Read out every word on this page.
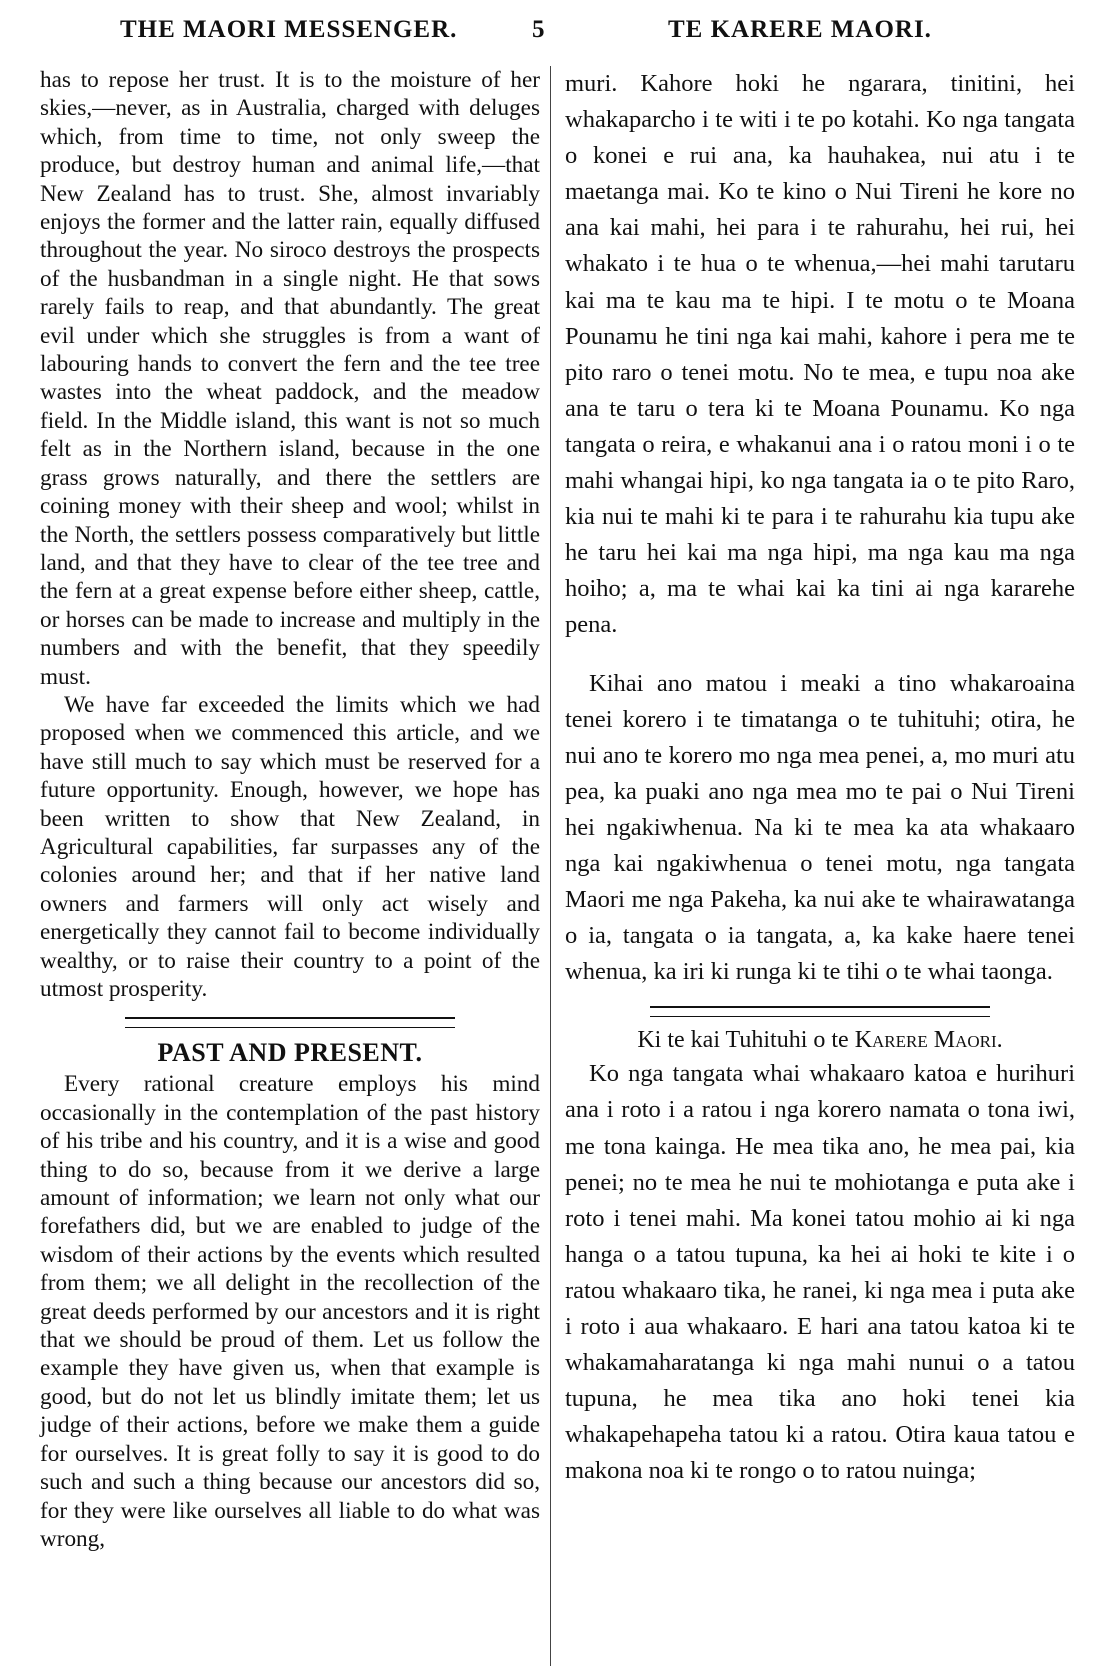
THE MAORI MESSENGER.	5	TE KARERE MAORI.

has to repose her trust. It is to the moisture of her skies,—never, as in Australia, charged with deluges which, from time to time, not only sweep the produce, but destroy human and animal life,—that New Zealand has to trust. She, almost invariably enjoys the former and the latter rain, equally diffused throughout the year. No siroco destroys the prospects of the husbandman in a single night. He that sows rarely fails to reap, and that abundantly. The great evil under which she struggles is from a want of labouring hands to convert the fern and the tee tree wastes into the wheat paddock, and the meadow field. In the Middle island, this want is not so much felt as in the Northern island, because in the one grass grows naturally, and there the settlers are coining money with their sheep and wool; whilst in the North, the settlers possess comparatively but little land, and that they have to clear of the tee tree and the fern at a great expense before either sheep, cattle, or horses can be made to increase and multiply in the numbers and with the benefit, that they speedily must.

We have far exceeded the limits which we had proposed when we commenced this article, and we have still much to say which must be reserved for a future opportunity. Enough, however, we hope has been written to show that New Zealand, in Agricultural capabilities, far surpasses any of the colonies around her; and that if her native land owners and farmers will only act wisely and energetically they cannot fail to become individually wealthy, or to raise their country to a point of the utmost prosperity.

PAST AND PRESENT.

Every rational creature employs his mind occasionally in the contemplation of the past history of his tribe and his country, and it is a wise and good thing to do so, because from it we derive a large amount of information; we learn not only what our forefathers did, but we are enabled to judge of the wisdom of their actions by the events which resulted from them; we all delight in the recollection of the great deeds performed by our ancestors and it is right that we should be proud of them. Let us follow the example they have given us, when that example is good, but do not let us blindly imitate them; let us judge of their actions, before we make them a guide for ourselves. It is great folly to say it is good to do such and such a thing because our ancestors did so, for they were like ourselves all liable to do what was wrong,

muri. Kahore hoki he ngarara, tinitini, hei whakaparcho i te witi i te po kotahi. Ko nga tangata o konei e rui ana, ka hauhakea, nui atu i te maetanga mai. Ko te kino o Nui Tireni he kore no ana kai mahi, hei para i te rahurahu, hei rui, hei whakato i te hua o te whenua,—hei mahi tarutaru kai ma te kau ma te hipi. I te motu o te Moana Pounamu he tini nga kai mahi, kahore i pera me te pito raro o tenei motu. No te mea, e tupu noa ake ana te taru o tera ki te Moana Pounamu. Ko nga tangata o reira, e whakanui ana i o ratou moni i o te mahi whangai hipi, ko nga tangata ia o te pito Raro, kia nui te mahi ki te para i te rahurahu kia tupu ake he taru hei kai ma nga hipi, ma nga kau ma nga hoiho; a, ma te whai kai ka tini ai nga kararehe pena.

Kihai ano matou i meaki a tino whakaroaina tenei korero i te timatanga o te tuhituhi; otira, he nui ano te korero mo nga mea penei, a, mo muri atu pea, ka puaki ano nga mea mo te pai o Nui Tireni hei ngakiwhenua. Na ki te mea ka ata whakaaro nga kai ngakiwhenua o tenei motu, nga tangata Maori me nga Pakeha, ka nui ake te whairawatanga o ia, tangata o ia tangata, a, ka kake haere tenei whenua, ka iri ki runga ki te tihi o te whai taonga.

Ki te kai Tuhituhi o te Karere Maori.

Ko nga tangata whai whakaaro katoa e hurihuri ana i roto i a ratou i nga korero namata o tona iwi, me tona kainga. He mea tika ano, he mea pai, kia penei; no te mea he nui te mohiotanga e puta ake i roto i tenei mahi. Ma konei tatou mohio ai ki nga hanga o a tatou tupuna, ka hei ai hoki te kite i o ratou whakaaro tika, he ranei, ki nga mea i puta ake i roto i aua whakaaro. E hari ana tatou katoa ki te whakamaharatanga ki nga mahi nunui o a tatou tupuna, he mea tika ano hoki tenei kia whakapehapeha tatou ki a ratou. Otira kaua tatou e makona noa ki te rongo o to ratou nuinga;
